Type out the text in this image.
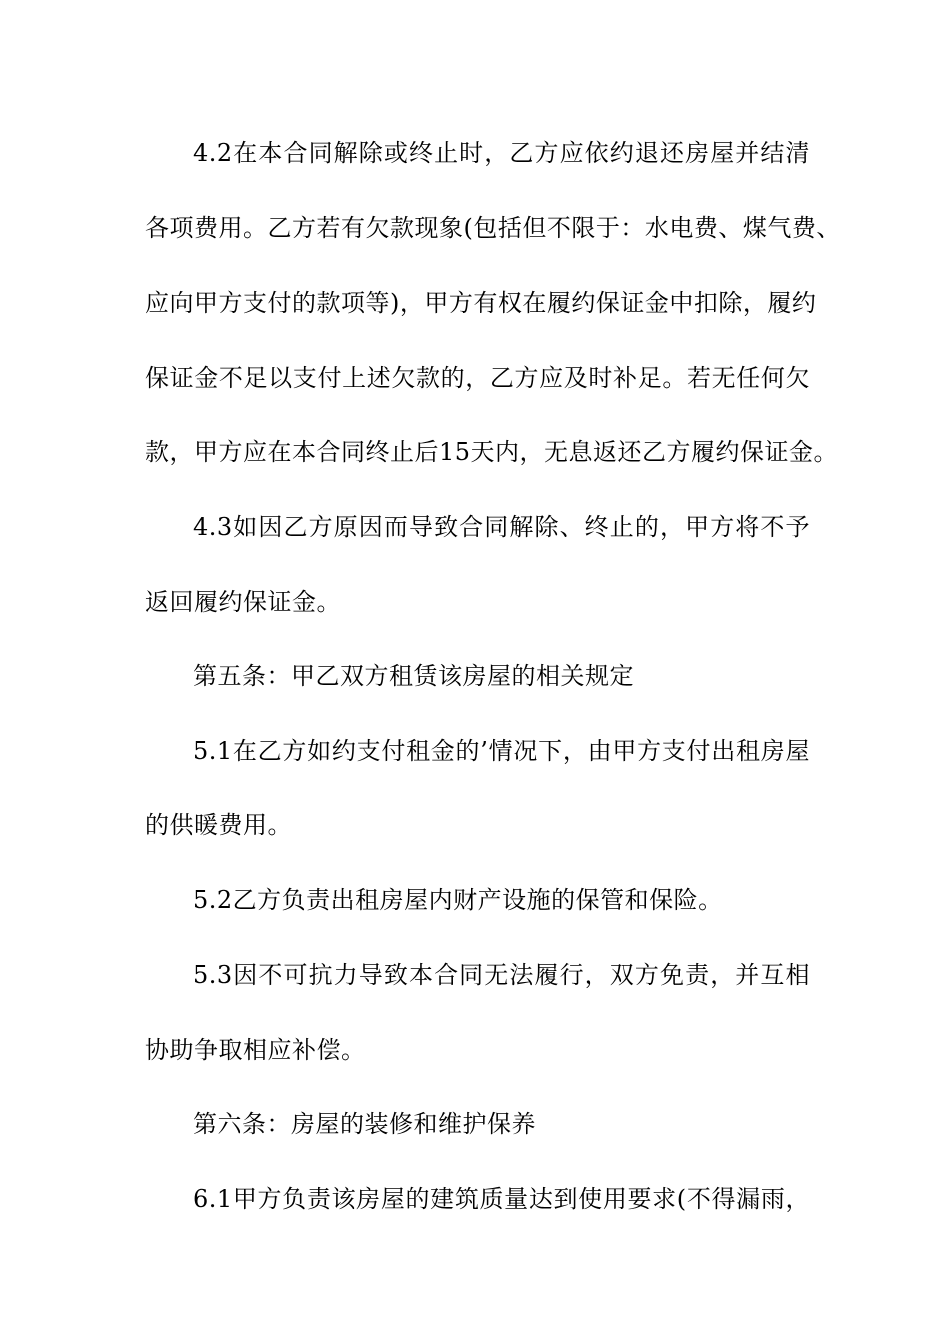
4.2在本合同解除或终止时，乙方应依约退还房屋并结清
各项费用。乙方若有欠款现象(包括但不限于：水电费、煤气费、
应向甲方支付的款项等)，甲方有权在履约保证金中扣除，履约
保证金不足以支付上述欠款的，乙方应及时补足。若无任何欠
款，甲方应在本合同终止后15天内，无息返还乙方履约保证金。
4.3如因乙方原因而导致合同解除、终止的，甲方将不予
返回履约保证金。
第五条：甲乙双方租赁该房屋的相关规定
5.1在乙方如约支付租金的’情况下，由甲方支付出租房屋
的供暖费用。
5.2乙方负责出租房屋内财产设施的保管和保险。
5.3因不可抗力导致本合同无法履行，双方免责，并互相
协助争取相应补偿。
第六条：房屋的装修和维护保养
6.1甲方负责该房屋的建筑质量达到使用要求(不得漏雨，
